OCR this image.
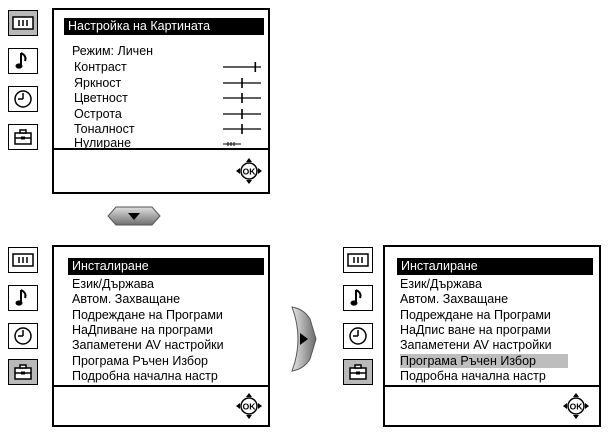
Настройка на Картината
Режим: Личен
Нулиране
OK
Контраст
Яркност
Цветност
Острота
Тоналност
Инсталиране
OK
Език/Държава
Автом. Захващане
Подреждане на Програми
НаДпиване на програми
Запаметени AV настройки
Програма Ръчен Избор
Подробна начална настр
Инсталиране
OK
Език/Държава
Автом. Захващане
Подреждане на Програми
НаДпис ване на програми
Запаметени AV настройки
Програма Ръчен Избор
Подробна начална настр
